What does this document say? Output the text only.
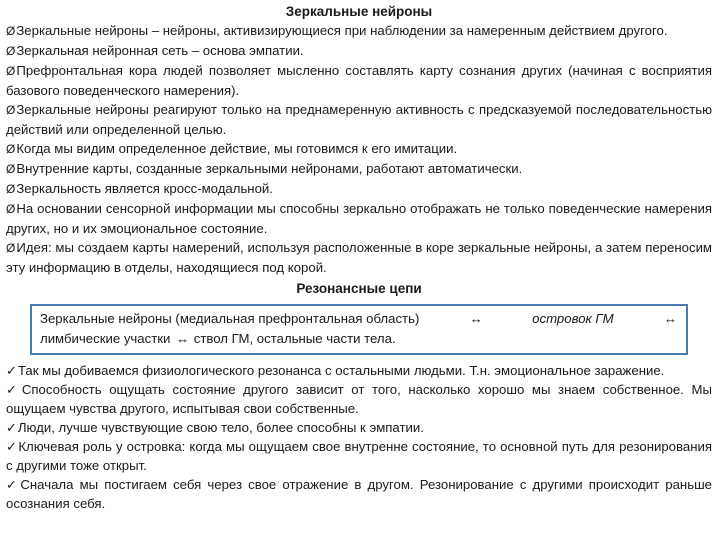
Зеркальные нейроны

ØЗеркальные нейроны – нейроны, активизирующиеся при наблюдении за намеренным действием другого.

ØЗеркальная нейронная сеть – основа эмпатии.

ØПрефронтальная кора людей позволяет мысленно составлять карту сознания других (начиная с восприятия базового поведенческого намерения).

ØЗеркальные нейроны реагируют только на преднамеренную активность с предсказуемой последовательностью действий или определенной целью.

ØКогда мы видим определенное действие, мы готовимся к его имитации.

ØВнутренние карты, созданные зеркальными нейронами, работают автоматически.

ØЗеркальность является кросс-модальной.

ØНа основании сенсорной информации мы способны зеркально отображать не только поведенческие намерения других, но и их эмоциональное состояние.

ØИдея: мы создаем карты намерений, используя расположенные в коре зеркальные нейроны, а затем переносим эту информацию в отделы, находящиеся под корой.

Резонансные цепи
Зеркальные нейроны (медиальная префронтальная область)	↔	островок ГМ	↔
лимбические участки ↔ ствол ГМ, остальные части тела.

✓Так мы добиваемся физиологического резонанса с остальными людьми. Т.н. эмоциональное заражение.

✓Способность ощущать состояние другого зависит от того, насколько хорошо мы знаем собственное. Мы ощущаем чувства другого, испытывая свои собственные.

✓Люди, лучше чувствующие свою тело, более способны к эмпатии.

✓Ключевая роль у островка: когда мы ощущаем свое внутренне состояние, то основной путь для резонирования с другими тоже открыт.

✓Сначала мы постигаем себя через свое отражение в другом. Резонирование с другими происходит раньше осознания себя.
